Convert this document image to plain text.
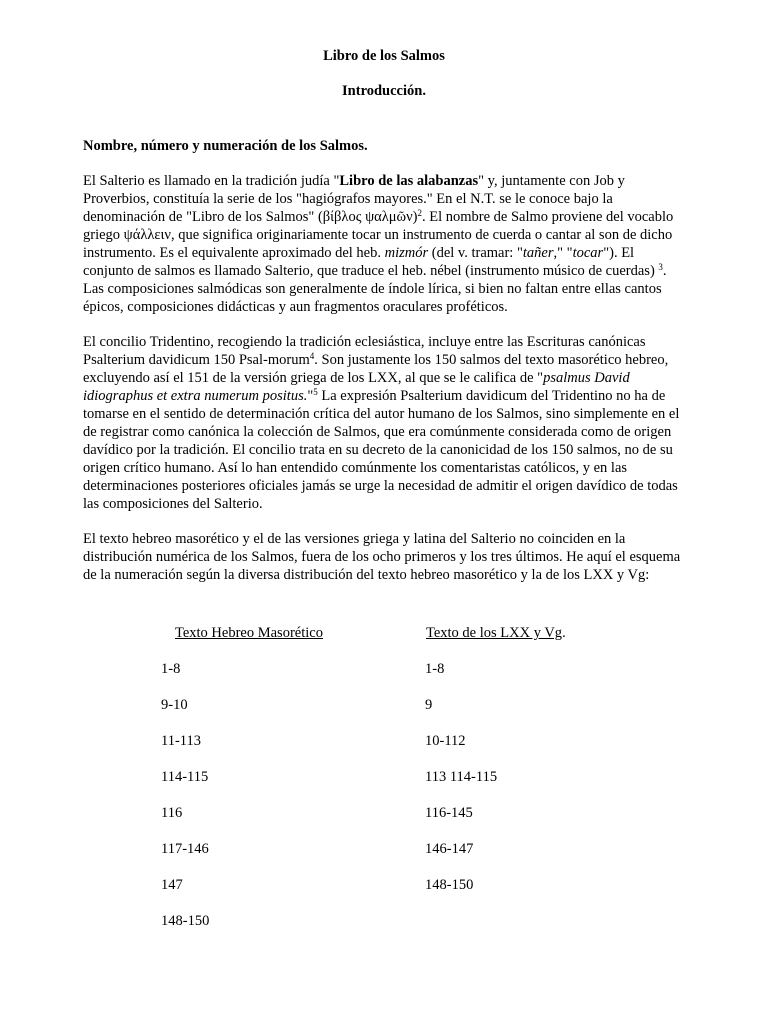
Libro de los Salmos
Introducción.
Nombre, número y numeración de los Salmos.
El Salterio es llamado en la tradición judía "Libro de las alabanzas" y, juntamente con Job y Proverbios, constituía la serie de los "hagiógrafos mayores." En el N.T. se le conoce bajo la denominación de "Libro de los Salmos" (βίβλος ψαλμῶν)$^2$. El nombre de Salmo proviene del vocablo griego ψάλλειν, que significa originariamente tocar un instrumento de cuerda o cantar al son de dicho instrumento. Es el equivalente aproximado del heb. mizmór (del v. tramar: "tañer," "tocar"). El conjunto de salmos es llamado Salterio, que traduce el heb. nébel (instrumento músico de cuerdas) $^3$. Las composiciones salmódicas son generalmente de índole lírica, si bien no faltan entre ellas cantos épicos, composiciones didácticas y aun fragmentos oraculares proféticos.
El concilio Tridentino, recogiendo la tradición eclesiástica, incluye entre las Escrituras canónicas Psalterium davidicum 150 Psal-morum$^4$. Son justamente los 150 salmos del texto masorético hebreo, excluyendo así el 151 de la versión griega de los LXX, al que se le califica de "psalmus David idiographus et extra numerum positus."$^5$ La expresión Psalterium davidicum del Tridentino no ha de tomarse en el sentido de determinación crítica del autor humano de los Salmos, sino simplemente en el de registrar como canónica la colección de Salmos, que era comúnmente considerada como de origen davídico por la tradición. El concilio trata en su decreto de la canonicidad de los 150 salmos, no de su origen crítico humano. Así lo han entendido comúnmente los comentaristas católicos, y en las determinaciones posteriores oficiales jamás se urge la necesidad de admitir el origen davídico de todas las composiciones del Salterio.
El texto hebreo masorético y el de las versiones griega y latina del Salterio no coinciden en la distribución numérica de los Salmos, fuera de los ocho primeros y los tres últimos. He aquí el esquema de la numeración según la diversa distribución del texto hebreo masorético y la de los LXX y Vg:
Texto Hebreo Masorético	Texto de los LXX y Vg.
1-8	1-8
9-10	9
11-113	10-112
114-115	113 114-115
116	116-145
117-146	146-147
147	148-150
148-150
